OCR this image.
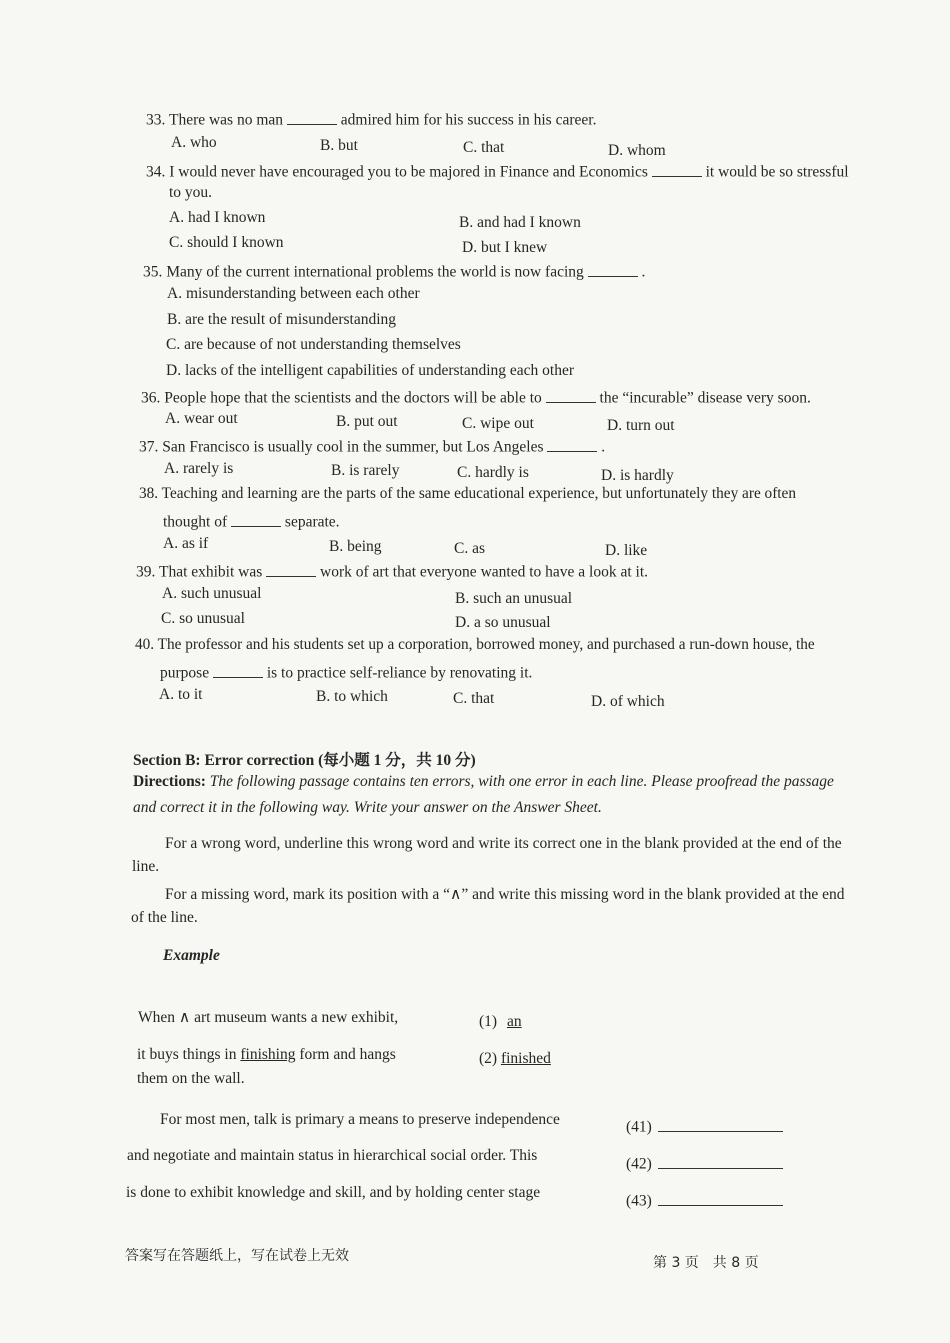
33. There was no man	admired him for his success in his career.
A. who	B. but	C. that	D. whom
34. I would never have encouraged you to be majored in Finance and Economics	it would be so stressful
to you.
A. had I known	B. and had I known
C. should I known	D. but I knew
35. Many of the current international problems the world is now facing	.
A. misunderstanding between each other
B. are the result of misunderstanding
C. are because of not understanding themselves
D. lacks of the intelligent capabilities of understanding each other
36. People hope that the scientists and the doctors will be able to	the “incurable” disease very soon.
A. wear out	B. put out	C. wipe out	D. turn out
37. San Francisco is usually cool in the summer, but Los Angeles	.
A. rarely is	B. is rarely	C. hardly is	D. is hardly
38. Teaching and learning are the parts of the same educational experience, but unfortunately they are often
thought of	separate.
A. as if	B. being	C. as	D. like
39. That exhibit was	work of art that everyone wanted to have a look at it.
A. such unusual	B. such an unusual
C. so unusual	D. a so unusual
40. The professor and his students set up a corporation, borrowed money, and purchased a run-down house, the
purpose	is to practice self-reliance by renovating it.
A. to it	B. to which	C. that	D. of which
Section B: Error correction (每小题 1 分，共 10 分)
Directions: The following passage contains ten errors, with one error in each line. Please proofread the passage
and correct it in the following way. Write your answer on the Answer Sheet.
For a wrong word, underline this wrong word and write its correct one in the blank provided at the end of the
line.
For a missing word, mark its position with a “∧” and write this missing word in the blank provided at the end
of the line.
Example
When ∧ art museum wants a new exhibit,	(1) an
it buys things in finishing form and hangs
them on the wall.
(2) finished
For most men, talk is primary a means to preserve independence	(41)
and negotiate and maintain status in hierarchical social order. This	(42)
is done to exhibit knowledge and skill, and by holding center stage	(43)
答案写在答题纸上，写在试卷上无效	第 3 页　共 8 页
